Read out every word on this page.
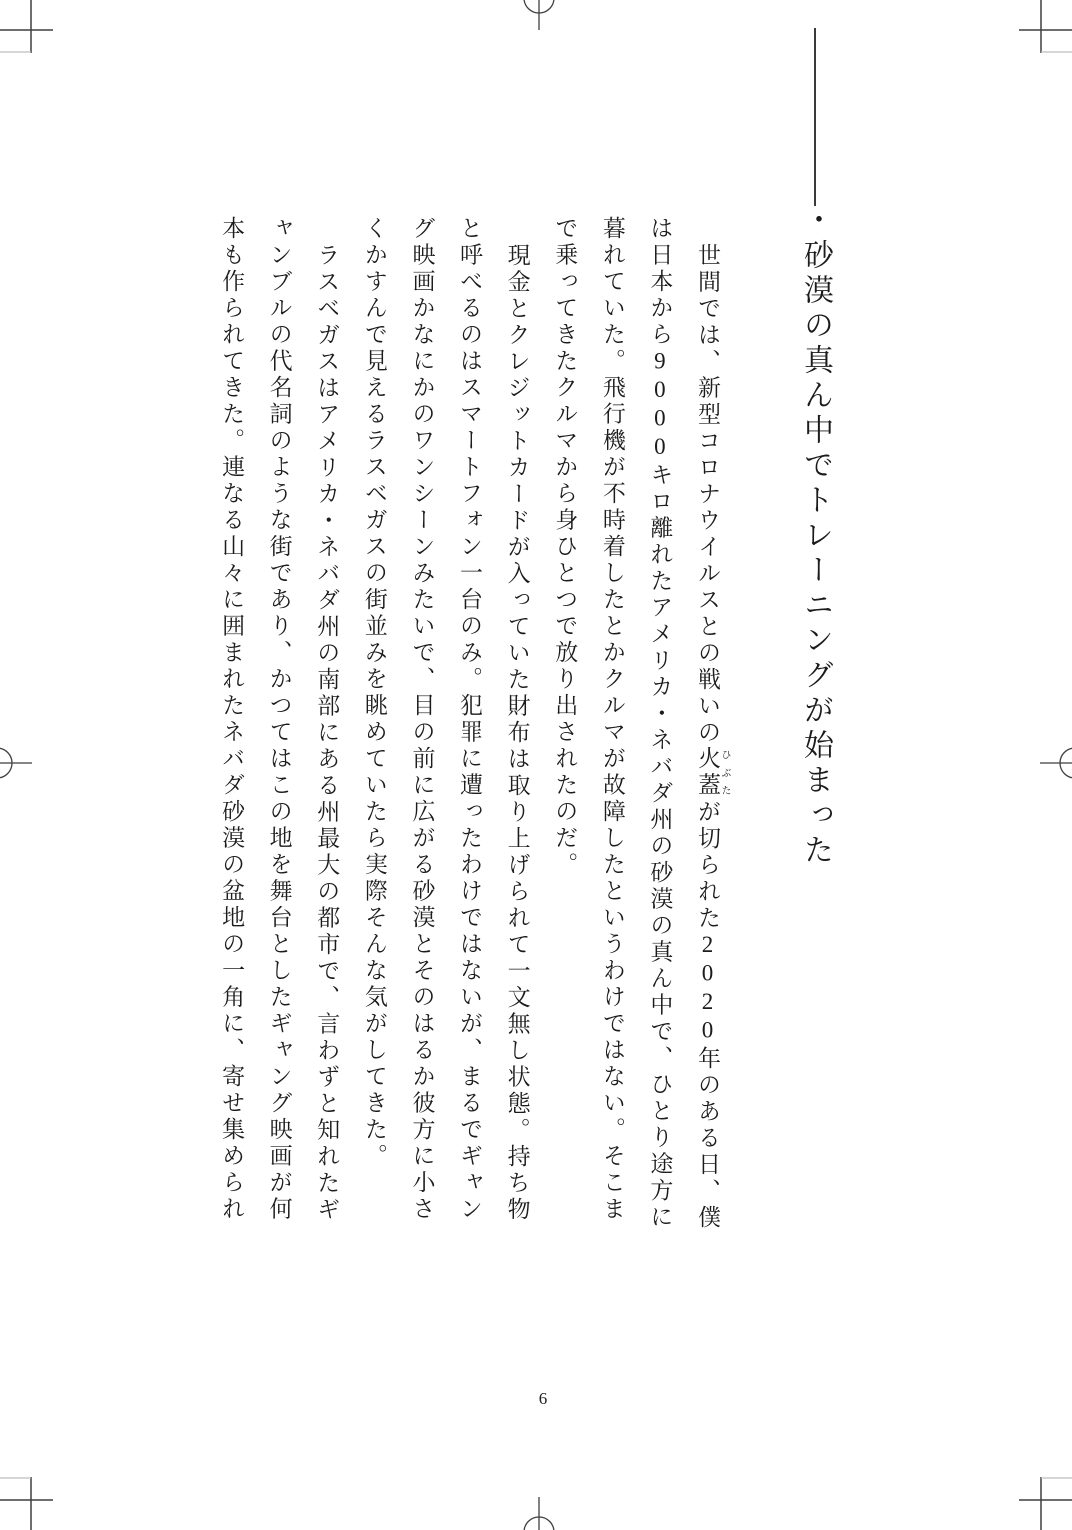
・砂漠の真ん中でトレーニングが始まった
世間では、新型コロナウイルスとの戦いの火蓋 ひぶたが切られた2020年のある日、僕
は日本から9000キロ離れたアメリカ・ネバダ州の砂漠の真ん中で、ひとり途方に
暮れていた。飛行機が不時着したとかクルマが故障したというわけではない。そこま
で乗ってきたクルマから身ひとつで放り出されたのだ。
現金とクレジットカードが入っていた財布は取り上げられて一文無し状態。持ち物
と呼べるのはスマートフォン一台のみ。犯罪に遭ったわけではないが、まるでギャン
グ映画かなにかのワンシーンみたいで、目の前に広がる砂漠とそのはるか彼方に小さ
くかすんで見えるラスベガスの街並みを眺めていたら実際そんな気がしてきた。
ラスベガスはアメリカ・ネバダ州の南部にある州最大の都市で、言わずと知れたギ
ャンブルの代名詞のような街であり、かつてはこの地を舞台としたギャング映画が何
本も作られてきた。連なる山々に囲まれたネバダ砂漠の盆地の一角に、寄せ集められ
6
